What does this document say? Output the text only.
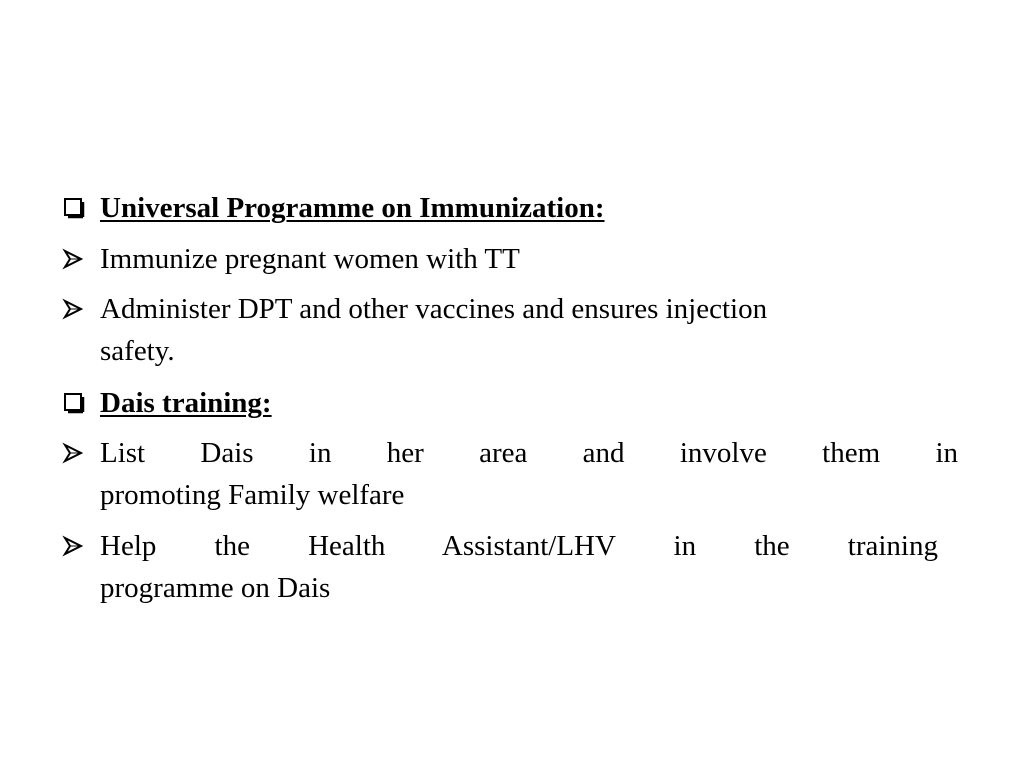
Universal Programme on Immunization:
Immunize pregnant women with TT
Administer DPT and other vaccines and ensures injection
safety.
Dais training:
List Dais in her area and involve them in
promoting Family welfare
Help the Health Assistant/LHV in the training
programme on Dais
